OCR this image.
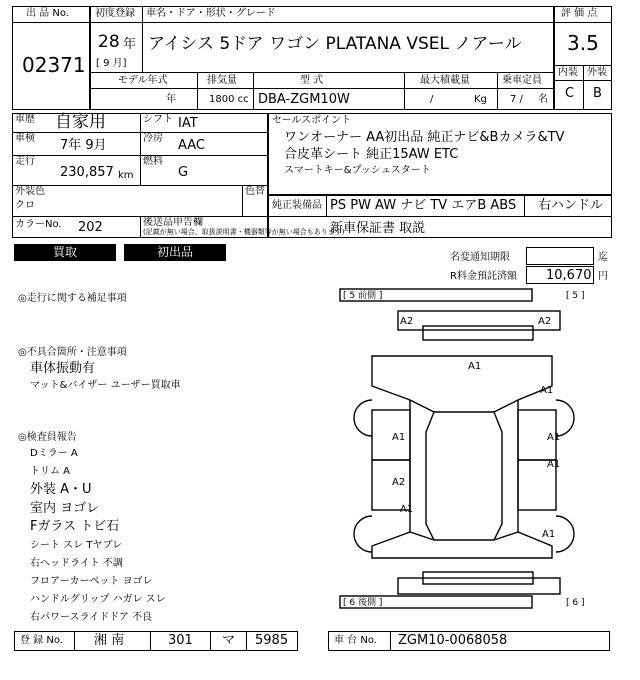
出 品 No.
02371
初度登録 車名・ドア・形状・グレード
28 年
[ 9 月]
アイシス 5ドア ワゴン PLATANA VSEL ノアール
モデル年式	排気量	型 式	最大積載量	乗車定員
年	1800 cc DBA-ZGM10W	/	Kg 7 / 名
評 価 点
3.5
内装 外装
C B
車歴 自家用	シフト IAT
車検 7年 9月	冷房 AAC
走行
230,857 km
燃料
G
外装色
クロ
色替
カラーNo. 202	後送品申告欄
(記載が無い場合、取扱説明書・機器類等が無い場合もあります)
セールスポイント
ワンオーナー AA初出品 純正ナビ&Bカメラ&TV
合皮革シート 純正15AW ETC
スマートキー&プッシュスタート
純正装備品 PS PW AW ナビ TV エアB ABS 右ハンドル
新車保証書 取説
買取	初出品	名変通知期限	迄
R料金預託済額 10,670 円
◎走行に関する補足事項
◎不具合箇所・注意事項
車体振動有
マット&バイザー ユーザー買取車
◎検査員報告
Dミラー A
トリム A
外装 A・U
室内 ヨゴレ
Fガラス トビ石
シート スレ Tヤブレ
右ヘッドライト 不調
フロアーカーペット ヨゴレ
ハンドルグリップ ハガレ スレ
右パワースライドドア 不良
[ 5 前側 ]	[ 5 ]
[ 6 後側 ]	[ 6 ]
A2	A2
A1
A1
A1	A1
A1
A2
A1
A1
登 録 No. 湘 南	301 マ 5985	車 台 No. ZGM10-0068058
